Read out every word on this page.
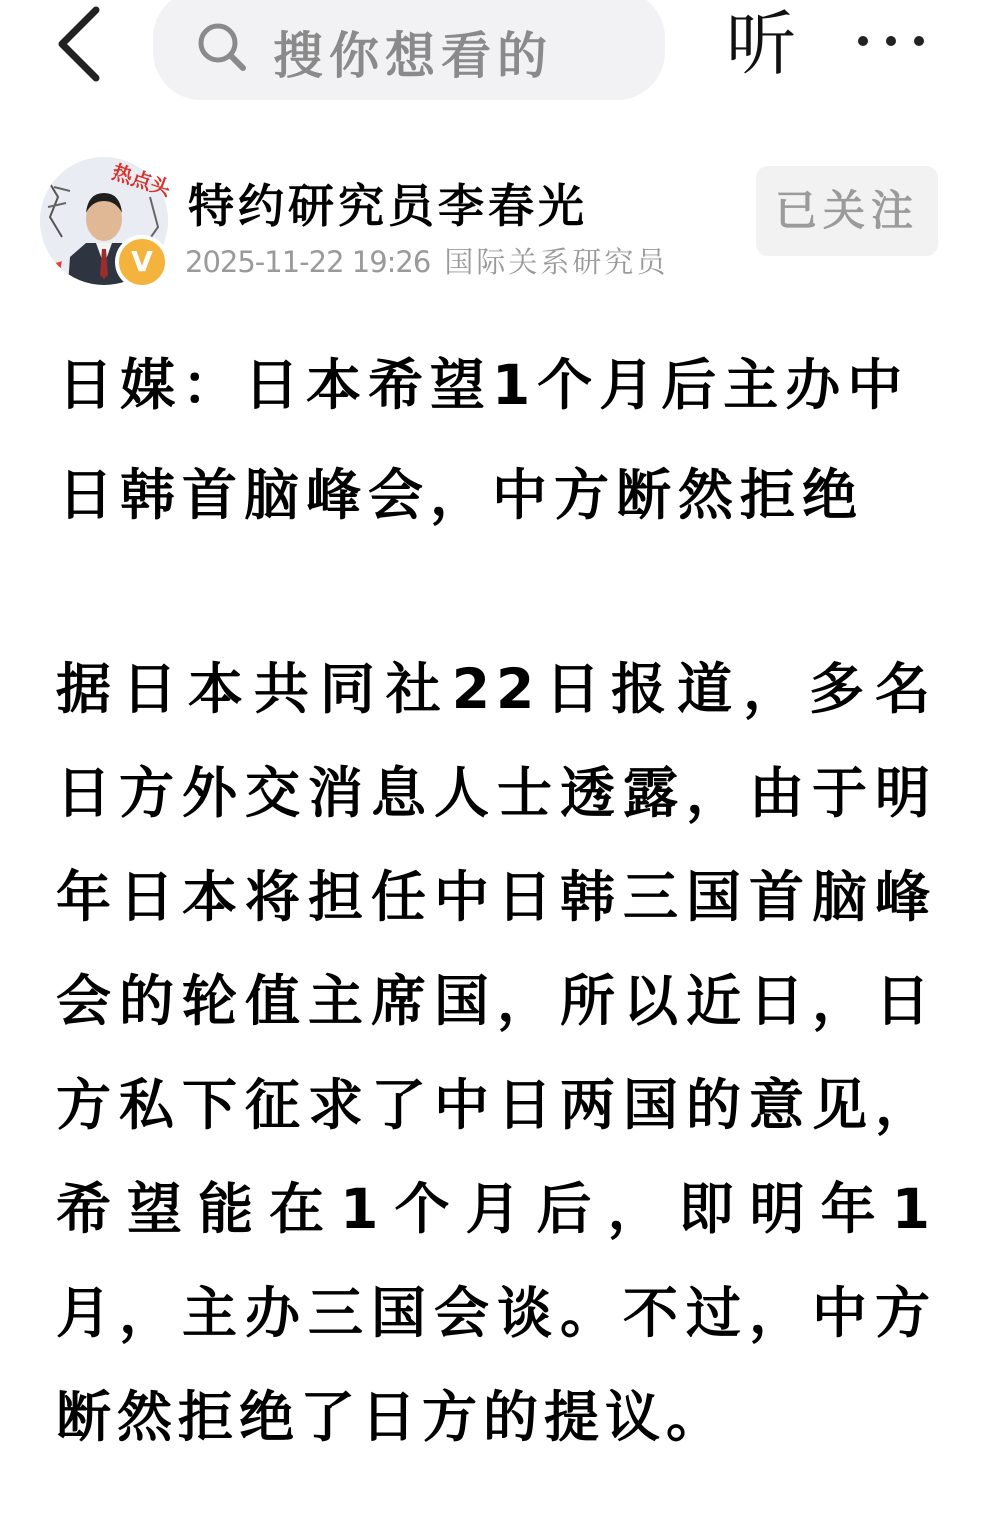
搜你想看的 听
热点头
V
特约研究员李春光
2025-11-22 19:26 国际关系研究员
已关注
日媒：日本希望1个月后主办中日韩首脑峰会，中方断然拒绝

据日本共同社22日报道，多名日方外交消息人士透露，由于明年日本将担任中日韩三国首脑峰会的轮值主席国，所以近日，日方私下征求了中日两国的意见，希望能在1个月后，即明年1月，主办三国会谈。不过，中方断然拒绝了日方的提议。
